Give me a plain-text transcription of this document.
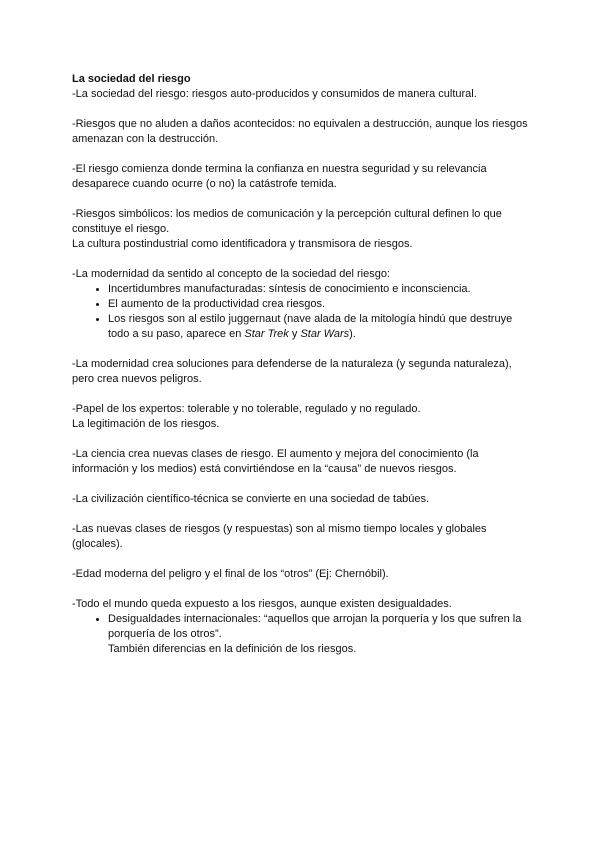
La sociedad del riesgo

-La sociedad del riesgo: riesgos auto-producidos y consumidos de manera cultural.

-Riesgos que no aluden a daños acontecidos: no equivalen a destrucción, aunque los riesgos amenazan con la destrucción.

-El riesgo comienza donde termina la confianza en nuestra seguridad y su relevancia desaparece cuando ocurre (o no) la catástrofe temida.

-Riesgos simbólicos: los medios de comunicación y la percepción cultural definen lo que constituye el riesgo.

La cultura postindustrial como identificadora y transmisora de riesgos.

-La modernidad da sentido al concepto de la sociedad del riesgo:

• Incertidumbres manufacturadas: síntesis de conocimiento e inconsciencia.
• El aumento de la productividad crea riesgos.
• Los riesgos son al estilo juggernaut (nave alada de la mitología hindú que destruye todo a su paso, aparece en Star Trek y Star Wars).

-La modernidad crea soluciones para defenderse de la naturaleza (y segunda naturaleza), pero crea nuevos peligros.

-Papel de los expertos: tolerable y no tolerable, regulado y no regulado.

La legitimación de los riesgos.

-La ciencia crea nuevas clases de riesgo. El aumento y mejora del conocimiento (la información y los medios) está convirtiéndose en la “causa” de nuevos riesgos.

-La civilización científico-técnica se convierte en una sociedad de tabúes.

-Las nuevas clases de riesgos (y respuestas) son al mismo tiempo locales y globales (glocales).

-Edad moderna del peligro y el final de los “otros” (Ej: Chernóbil).

-Todo el mundo queda expuesto a los riesgos, aunque existen desigualdades.

• Desigualdades internacionales: “aquellos que arrojan la porquería y los que sufren la porquería de los otros”.
También diferencias en la definición de los riesgos.
